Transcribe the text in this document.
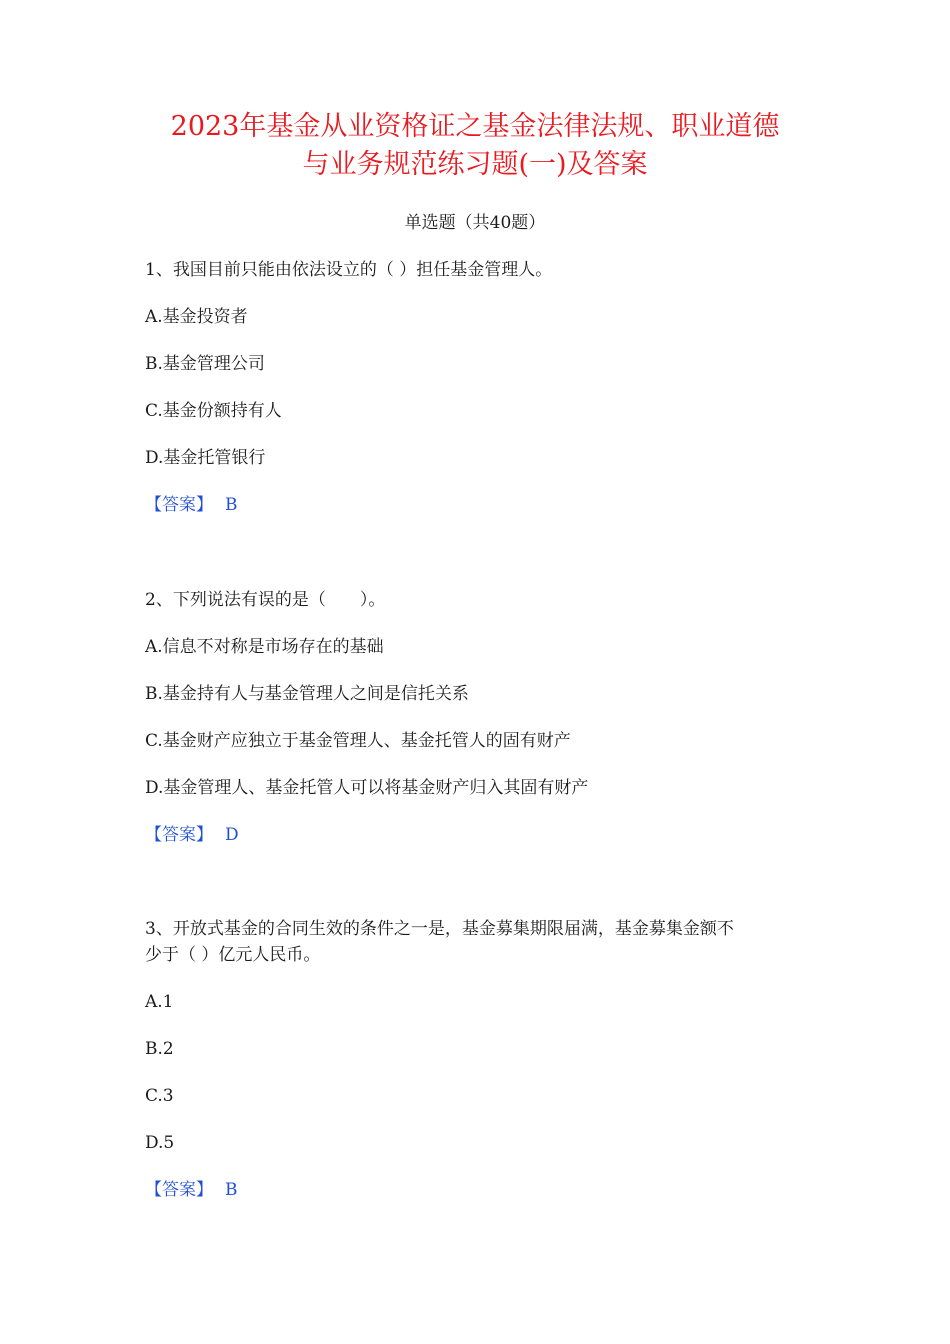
2023年基金从业资格证之基金法律法规、职业道德
与业务规范练习题(一)及答案
单选题（共40题）

1、我国目前只能由依法设立的（ ）担任基金管理人。

A.基金投资者

B.基金管理公司

C.基金份额持有人

D.基金托管银行

【答案】 B

2、下列说法有误的是（　　）。

A.信息不对称是市场存在的基础

B.基金持有人与基金管理人之间是信托关系

C.基金财产应独立于基金管理人、基金托管人的固有财产

D.基金管理人、基金托管人可以将基金财产归入其固有财产

【答案】 D

3、开放式基金的合同生效的条件之一是，基金募集期限届满，基金募集金额不

少于（ ）亿元人民币。

A.1

B.2

C.3

D.5

【答案】 B
